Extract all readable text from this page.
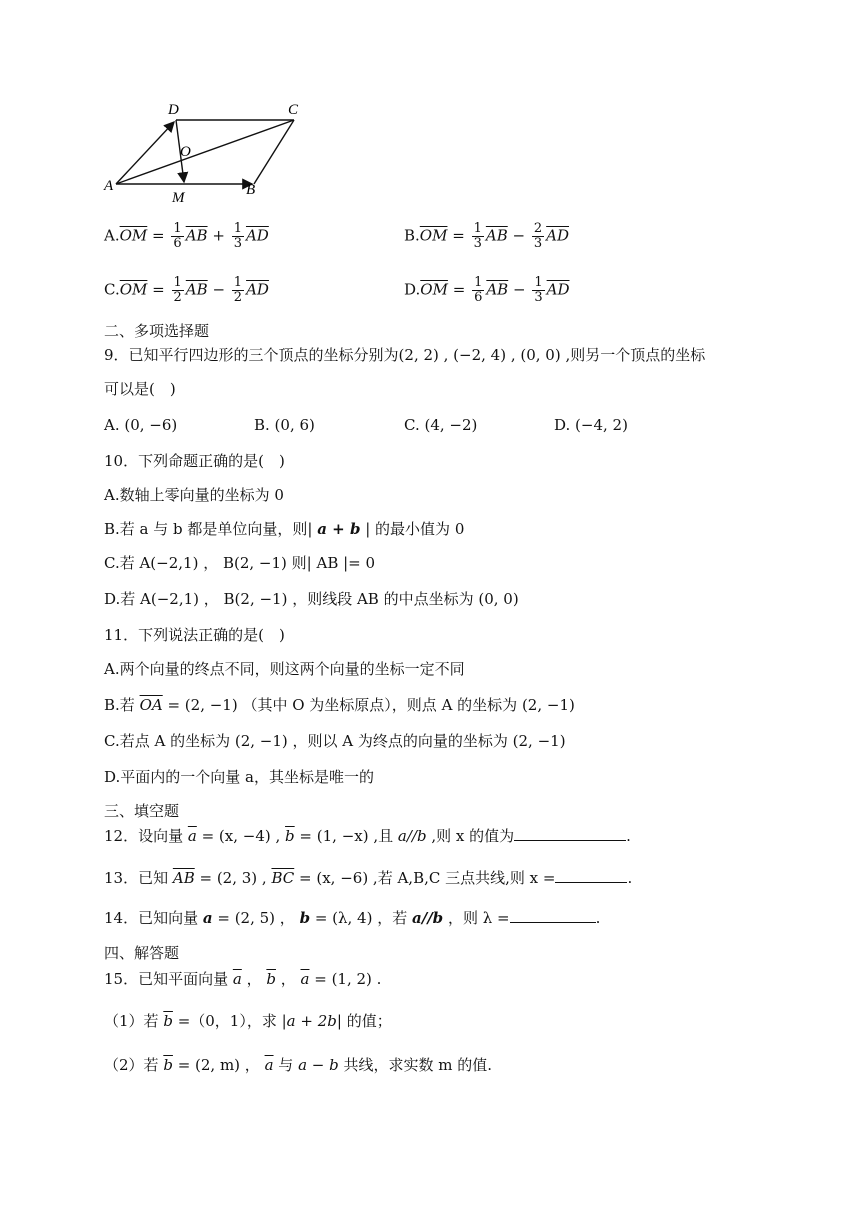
D	C
O
A
M	B
$A.\overline{OM} = \frac{1}{6} \overline{AB} + \frac{1}{3} \overline{AD}$	$B.\overline{OM} = \frac{1}{3} \overline{AB} - \frac{2}{3} \overline{AD}$
$C.\overline{OM} = \frac{1}{2} \overline{AB} - \frac{1}{2} \overline{AD}$	$D.\overline{OM} = \frac{1}{6} \overline{AB} - \frac{1}{3} \overline{AD}$
二、多项选择题
9．已知平行四边形的三个顶点的坐标分别为(2, 2) , (−2, 4) , (0, 0) ,则另一个顶点的坐标
可以是(　)
A. (0, −6)	B. (0, 6)	C. (4, −2)	D. (−4, 2)
10．下列命题正确的是(　)
A.数轴上零向量的坐标为 0
B.若 a 与 b 都是单位向量，则| a + b | 的最小值为 0
C.若 A(−2,1) ， B(2, −1) 则| AB |= 0
D.若 A(−2,1) ， B(2, −1) ，则线段 AB 的中点坐标为 (0, 0)
11．下列说法正确的是(　)
A.两个向量的终点不同，则这两个向量的坐标一定不同
B.若 $\overline{OA} = (2$, −1) （其中 O 为坐标原点），则点 A 的坐标为 (2, −1)
C.若点 A 的坐标为 (2, −1) ，则以 A 为终点的向量的坐标为 (2, −1)
D.平面内的一个向量 a，其坐标是唯一的
三、填空题
12．设向量 $\overline{a} = (x$, −4) , $\overline{b} = (1$, −x) ,且 a//b ,则 x 的值为	.
13．已知 $\overline{AB} = (2$, 3) , $\overline{BC} = (x$, −6) ,若 A,B,C 三点共线,则 x =	.
14．已知向量 a = (2, 5) ， b = (λ, 4) ，若 a//b ，则 λ =	.
四、解答题
15．已知平面向量 $\overline{a}$ ， $\overline{b}$ ， $\overline{a} = (1$, 2) .
（1）若 $\overline{b} =(0$，1），求 |a + 2b| 的值；
（2）若 $\overline{b} = (2$, m) ， $\overline{a}$ 与 a − b 共线，求实数 m 的值.
